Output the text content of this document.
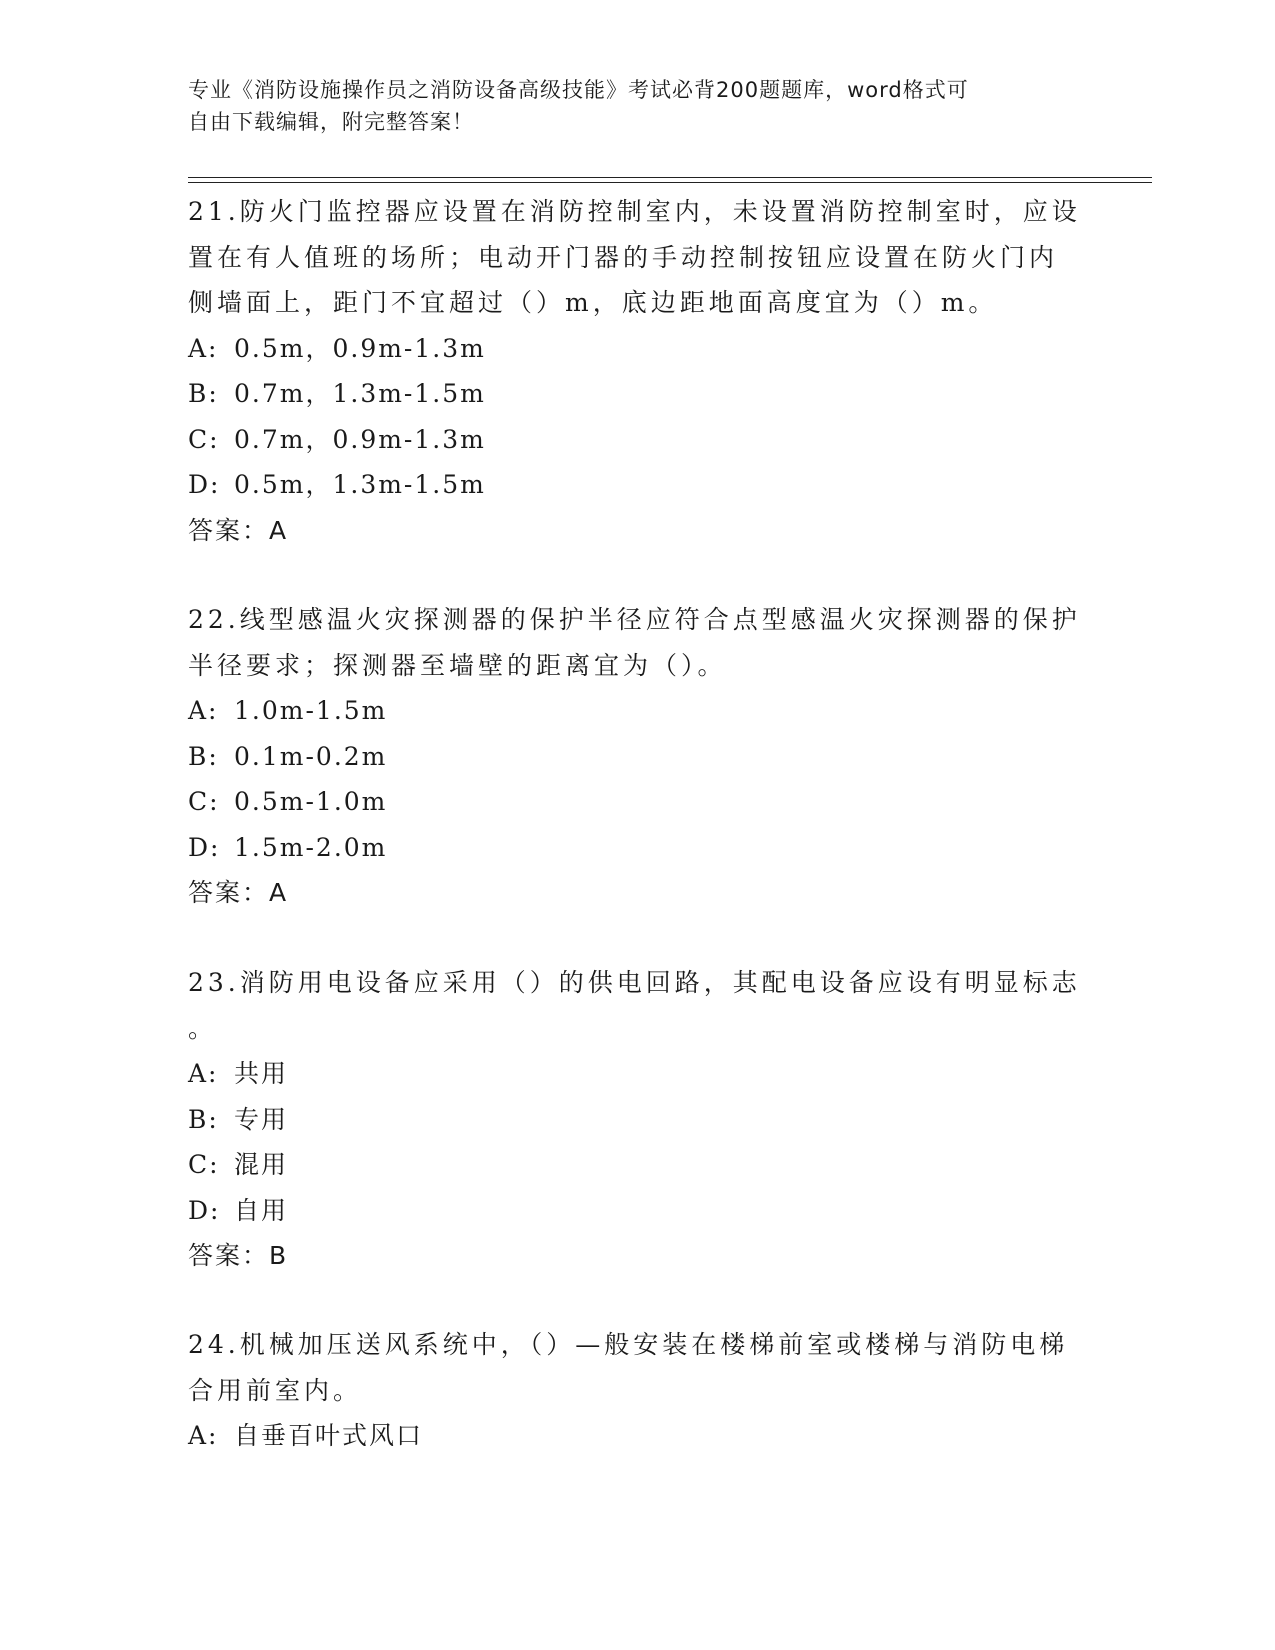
专业《消防设施操作员之消防设备高级技能》考试必背200题题库，word格式可
自由下载编辑，附完整答案！
21.防火门监控器应设置在消防控制室内，未设置消防控制室时，应设
置在有人值班的场所；电动开门器的手动控制按钮应设置在防火门内
侧墙面上，距门不宜超过（）m，底边距地面高度宜为（）m。
A: 0.5m，0.9m-1.3m
B: 0.7m，1.3m-1.5m
C: 0.7m，0.9m-1.3m
D: 0.5m，1.3m-1.5m
答案：A
22.线型感温火灾探测器的保护半径应符合点型感温火灾探测器的保护
半径要求；探测器至墙壁的距离宜为（）。
A: 1.0m-1.5m
B: 0.1m-0.2m
C: 0.5m-1.0m
D: 1.5m-2.0m
答案：A
23.消防用电设备应采用（）的供电回路，其配电设备应设有明显标志
。
A: 共用
B: 专用
C: 混用
D: 自用
答案：B
24.机械加压送风系统中，（）—般安装在楼梯前室或楼梯与消防电梯
合用前室内。
A: 自垂百叶式风口
